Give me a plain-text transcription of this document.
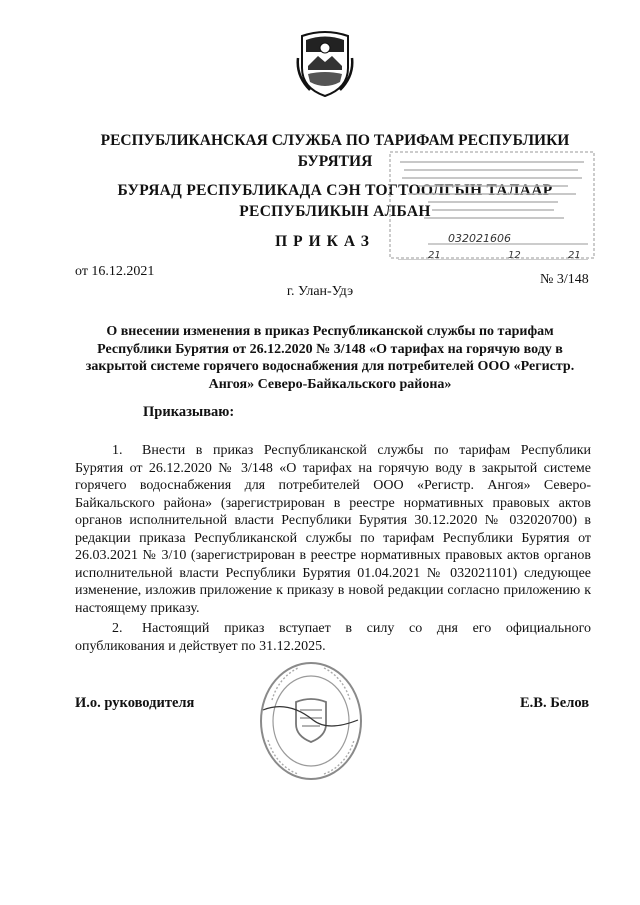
РЕСПУБЛИКАНСКАЯ СЛУЖБА ПО ТАРИФАМ РЕСПУБЛИКИ
БУРЯТИЯ
БУРЯАД РЕСПУБЛИКАДА СЭН ТОГТООЛГЫН ТАЛААР
РЕСПУБЛИКЫН АЛБАН
ПРИКАЗ	032021606
21	12	21
от 16.12.2021
№ 3/148
г. Улан-Удэ
О внесении изменения в приказ Республиканской службы по тарифам Республики Бурятия от 26.12.2020 № 3/148 «О тарифах на горячую воду в закрытой системе горячего водоснабжения для потребителей ООО «Регистр. Ангоя» Северо-Байкальского района»
Приказываю:
1. Внести в приказ Республиканской службы по тарифам Республики Бурятия от 26.12.2020 № 3/148 «О тарифах на горячую воду в закрытой системе горячего водоснабжения для потребителей ООО «Регистр. Ангоя» Северо-Байкальского района» (зарегистрирован в реестре нормативных правовых актов органов исполнительной власти Республики Бурятия 30.12.2020 № 032020700) в редакции приказа Республиканской службы по тарифам Республики Бурятия от 26.03.2021 № 3/10 (зарегистрирован в реестре нормативных правовых актов органов исполнительной власти Республики Бурятия 01.04.2021 № 032021101) следующее изменение, изложив приложение к приказу в новой редакции согласно приложению к настоящему приказу.
2. Настоящий приказ вступает в силу со дня его официального опубликования и действует по 31.12.2025.
И.о. руководителя	Е.В. Белов
